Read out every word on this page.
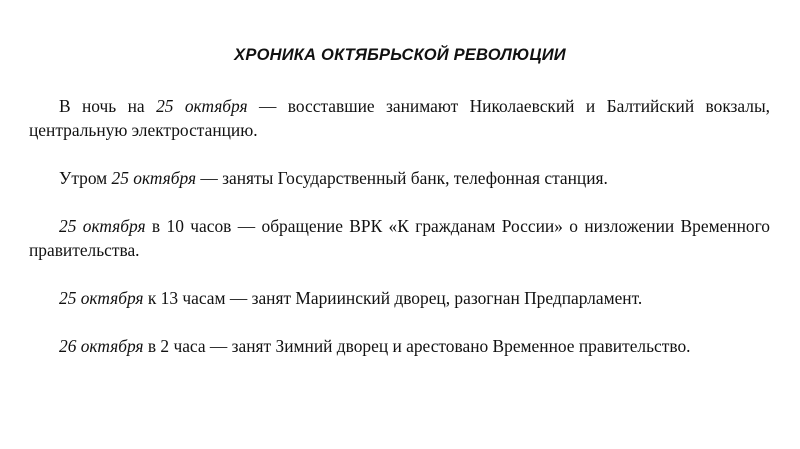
ХРОНИКА ОКТЯБРЬСКОЙ РЕВОЛЮЦИИ

В ночь на 25 октября — восставшие занимают Николаевский и Балтийский вокзалы, центральную электростанцию.

Утром 25 октября — заняты Государственный банк, телефонная станция.

25 октября в 10 часов — обращение ВРК «К гражданам России» о низложении Временного правительства.

25 октября к 13 часам — занят Мариинский дворец, разогнан Предпарламент.

26 октября в 2 часа — занят Зимний дворец и арестовано Временное правительство.
